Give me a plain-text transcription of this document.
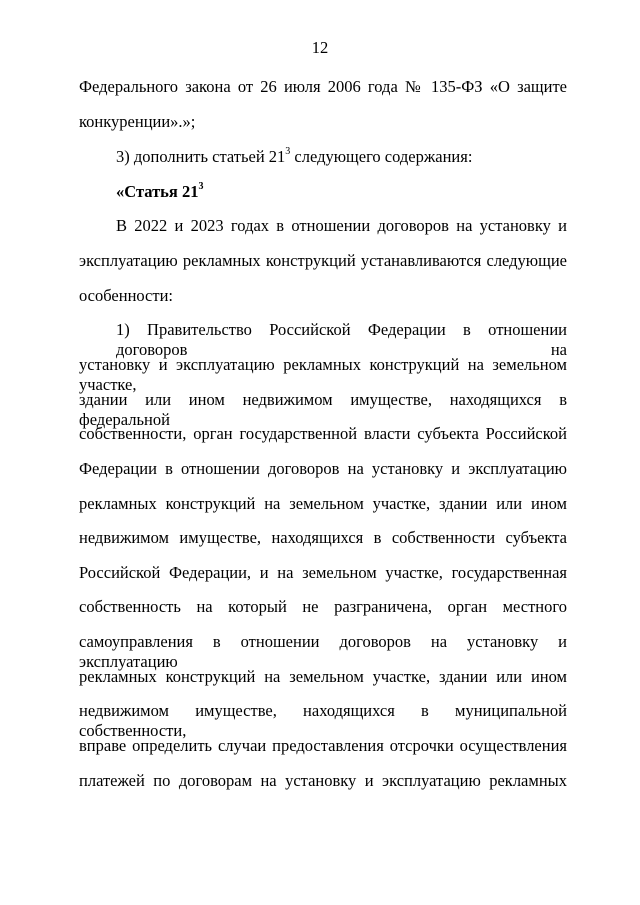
12
Федерального закона от 26 июля 2006 года № 135-ФЗ «О защите
конкуренции».»;
3) дополнить статьей $21^3$ следующего содержания:
«Статья $21^3$
В 2022 и 2023 годах в отношении договоров на установку и
эксплуатацию рекламных конструкций устанавливаются следующие
особенности:
1) Правительство Российской Федерации в отношении договоров на
установку и эксплуатацию рекламных конструкций на земельном участке,
здании или ином недвижимом имуществе, находящихся в федеральной
собственности, орган государственной власти субъекта Российской
Федерации в отношении договоров на установку и эксплуатацию
рекламных конструкций на земельном участке, здании или ином
недвижимом имуществе, находящихся в собственности субъекта
Российской Федерации, и на земельном участке, государственная
собственность на который не разграничена, орган местного
самоуправления в отношении договоров на установку и эксплуатацию
рекламных конструкций на земельном участке, здании или ином
недвижимом имуществе, находящихся в муниципальной собственности,
вправе определить случаи предоставления отсрочки осуществления
платежей по договорам на установку и эксплуатацию рекламных
